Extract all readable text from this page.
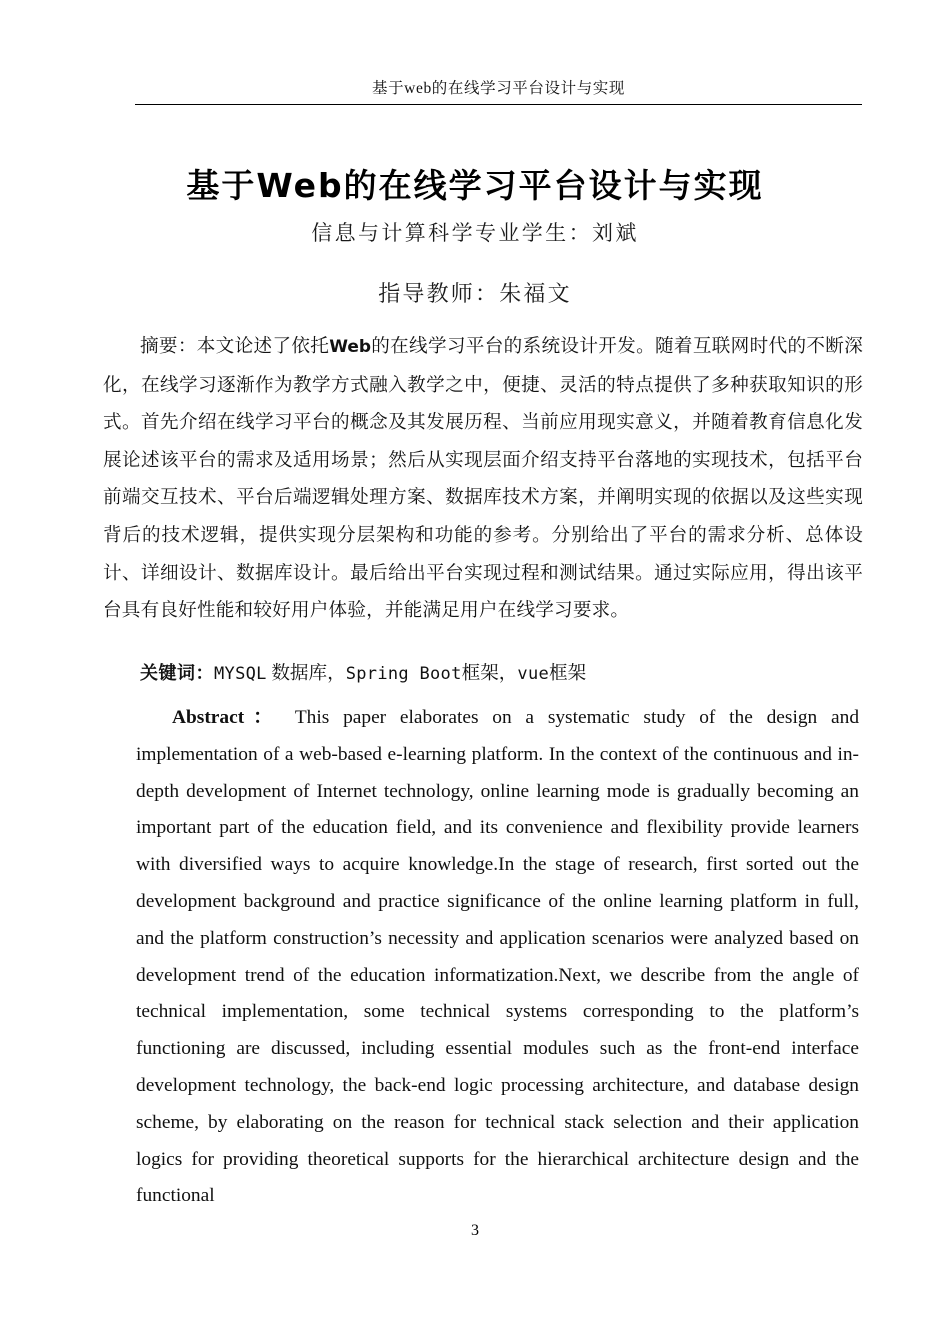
基于web的在线学习平台设计与实现
基于Web的在线学习平台设计与实现
信息与计算科学专业学生：刘斌
指导教师：朱福文
摘要：本文论述了依托Web的在线学习平台的系统设计开发。随着互联网时代的不断深化，在线学习逐渐作为教学方式融入教学之中，便捷、灵活的特点提供了多种获取知识的形式。首先介绍在线学习平台的概念及其发展历程、当前应用现实意义，并随着教育信息化发展论述该平台的需求及适用场景；然后从实现层面介绍支持平台落地的实现技术，包括平台前端交互技术、平台后端逻辑处理方案、数据库技术方案，并阐明实现的依据以及这些实现背后的技术逻辑，提供实现分层架构和功能的参考。分别给出了平台的需求分析、总体设计、详细设计、数据库设计。最后给出平台实现过程和测试结果。通过实际应用，得出该平台具有良好性能和较好用户体验，并能满足用户在线学习要求。
关键词：MYSQL 数据库，Spring Boot框架，vue框架
Abstract： This paper elaborates on a systematic study of the design and implementation of a web-based e-learning platform. In the context of the continuous and in-depth development of Internet technology, online learning mode is gradually becoming an important part of the education field, and its convenience and flexibility provide learners with diversified ways to acquire knowledge.In the stage of research, first sorted out the development background and practice significance of the online learning platform in full, and the platform construction’s necessity and application scenarios were analyzed based on development trend of the education informatization.Next, we describe from the angle of technical implementation, some technical systems corresponding to the platform’s functioning are discussed, including essential modules such as the front-end interface development technology, the back-end logic processing architecture, and database design scheme, by elaborating on the reason for technical stack selection and their application logics for providing theoretical supports for the hierarchical architecture design and the functional
3
